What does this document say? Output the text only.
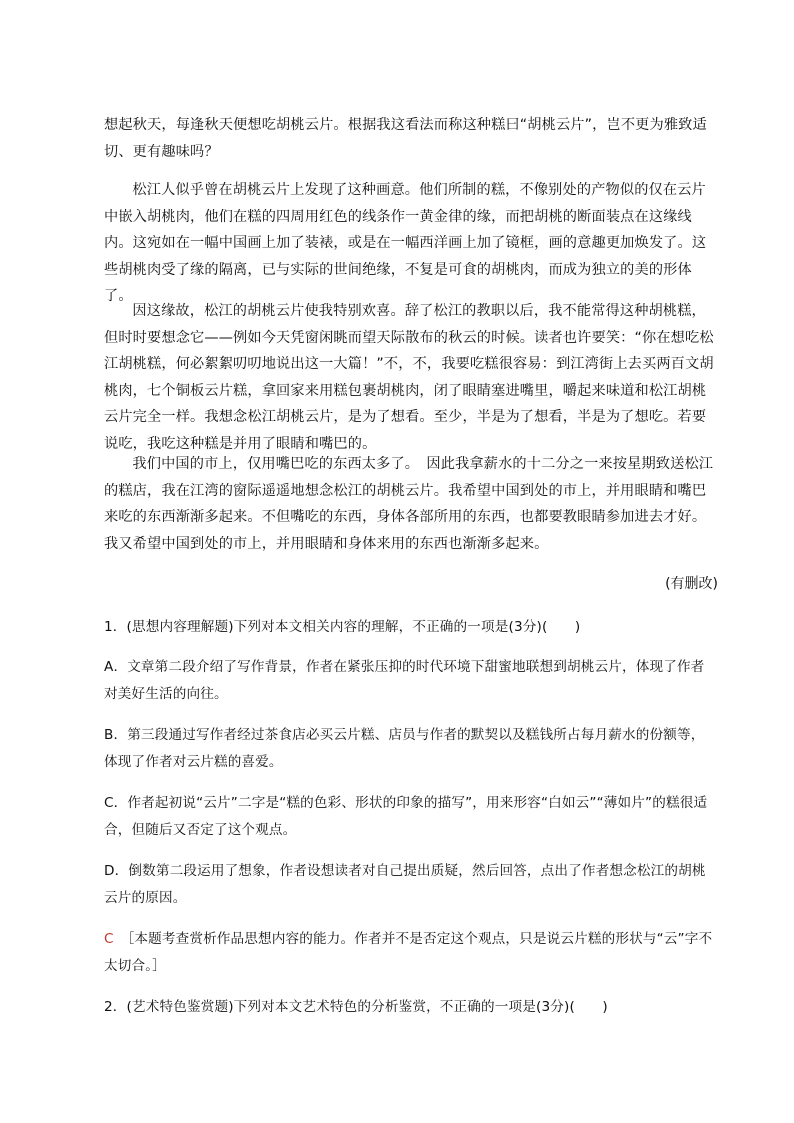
想起秋天，每逢秋天便想吃胡桃云片。根据我这看法而称这种糕曰“胡桃云片”，岂不更为雅致适切、更有趣味吗？

松江人似乎曾在胡桃云片上发现了这种画意。他们所制的糕，不像别处的产物似的仅在云片中嵌入胡桃肉，他们在糕的四周用红色的线条作一黄金律的缘，而把胡桃的断面装点在这缘线内。这宛如在一幅中国画上加了装裱，或是在一幅西洋画上加了镜框，画的意趣更加焕发了。这些胡桃肉受了缘的隔离，已与实际的世间绝缘，不复是可食的胡桃肉，而成为独立的美的形体了。

因这缘故，松江的胡桃云片使我特别欢喜。辞了松江的教职以后，我不能常得这种胡桃糕，但时时要想念它——例如今天凭窗闲眺而望天际散布的秋云的时候。读者也许要笑：“你在想吃松江胡桃糕，何必絮絮叨叨地说出这一大篇！”不，不，我要吃糕很容易：到江湾街上去买两百文胡桃肉，七个铜板云片糕，拿回家来用糕包裹胡桃肉，闭了眼睛塞进嘴里，嚼起来味道和松江胡桃云片完全一样。我想念松江胡桃云片，是为了想看。至少，半是为了想看，半是为了想吃。若要说吃，我吃这种糕是并用了眼睛和嘴巴的。

我们中国的市上，仅用嘴巴吃的东西太多了。　因此我拿薪水的十二分之一来按星期致送松江的糕店，我在江湾的窗际遥遥地想念松江的胡桃云片。我希望中国到处的市上，并用眼睛和嘴巴来吃的东西渐渐多起来。不但嘴吃的东西，身体各部所用的东西，也都要教眼睛参加进去才好。我又希望中国到处的市上，并用眼睛和身体来用的东西也渐渐多起来。

(有删改)

1．(思想内容理解题)下列对本文相关内容的理解，不正确的一项是(3分)(　　)

A．文章第二段介绍了写作背景，作者在紧张压抑的时代环境下甜蜜地联想到胡桃云片，体现了作者对美好生活的向往。

B．第三段通过写作者经过茶食店必买云片糕、店员与作者的默契以及糕钱所占每月薪水的份额等，体现了作者对云片糕的喜爱。

C．作者起初说“云片”二字是“糕的色彩、形状的印象的描写”，用来形容“白如云”“薄如片”的糕很适合，但随后又否定了这个观点。

D．倒数第二段运用了想象，作者设想读者对自己提出质疑，然后回答，点出了作者想念松江的胡桃云片的原因。

C　 ［本题考查赏析作品思想内容的能力。作者并不是否定这个观点，只是说云片糕的形状与“云”字不太切合。］

2．(艺术特色鉴赏题)下列对本文艺术特色的分析鉴赏，不正确的一项是(3分)(　　)
